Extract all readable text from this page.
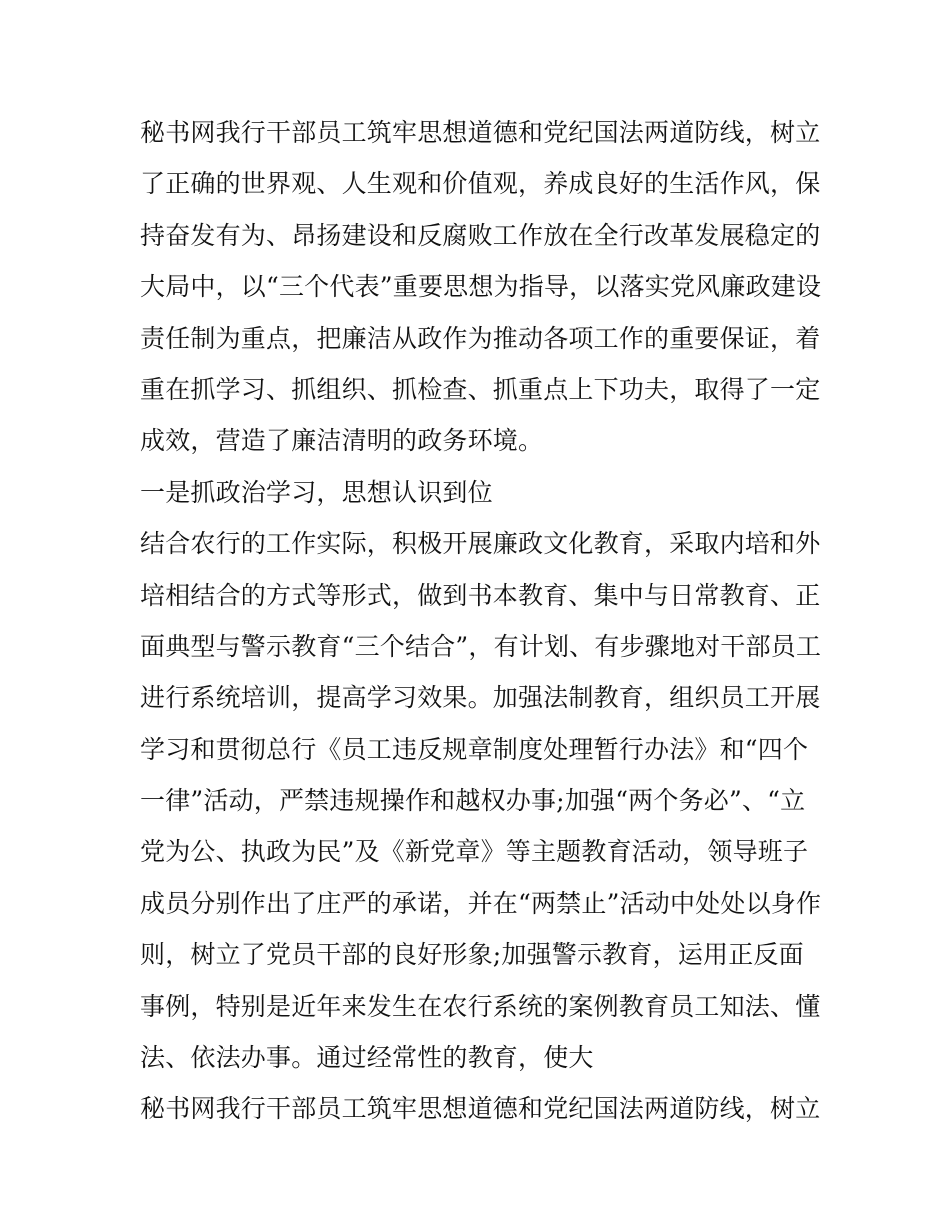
秘书网我行干部员工筑牢思想道德和党纪国法两道防线，树立
了正确的世界观、人生观和价值观，养成良好的生活作风，保
持奋发有为、昂扬建设和反腐败工作放在全行改革发展稳定的
大局中，以“三个代表”重要思想为指导，以落实党风廉政建设
责任制为重点，把廉洁从政作为推动各项工作的重要保证，着
重在抓学习、抓组织、抓检查、抓重点上下功夫，取得了一定
成效，营造了廉洁清明的政务环境。
一是抓政治学习，思想认识到位
结合农行的工作实际，积极开展廉政文化教育，采取内培和外
培相结合的方式等形式，做到书本教育、集中与日常教育、正
面典型与警示教育“三个结合”，有计划、有步骤地对干部员工
进行系统培训，提高学习效果。加强法制教育，组织员工开展
学习和贯彻总行《员工违反规章制度处理暂行办法》和“四个
一律”活动，严禁违规操作和越权办事;加强“两个务必”、“立
党为公、执政为民”及《新党章》等主题教育活动，领导班子
成员分别作出了庄严的承诺，并在“两禁止”活动中处处以身作
则，树立了党员干部的良好形象;加强警示教育，运用正反面
事例，特别是近年来发生在农行系统的案例教育员工知法、懂
法、依法办事。通过经常性的教育，使大
秘书网我行干部员工筑牢思想道德和党纪国法两道防线，树立
